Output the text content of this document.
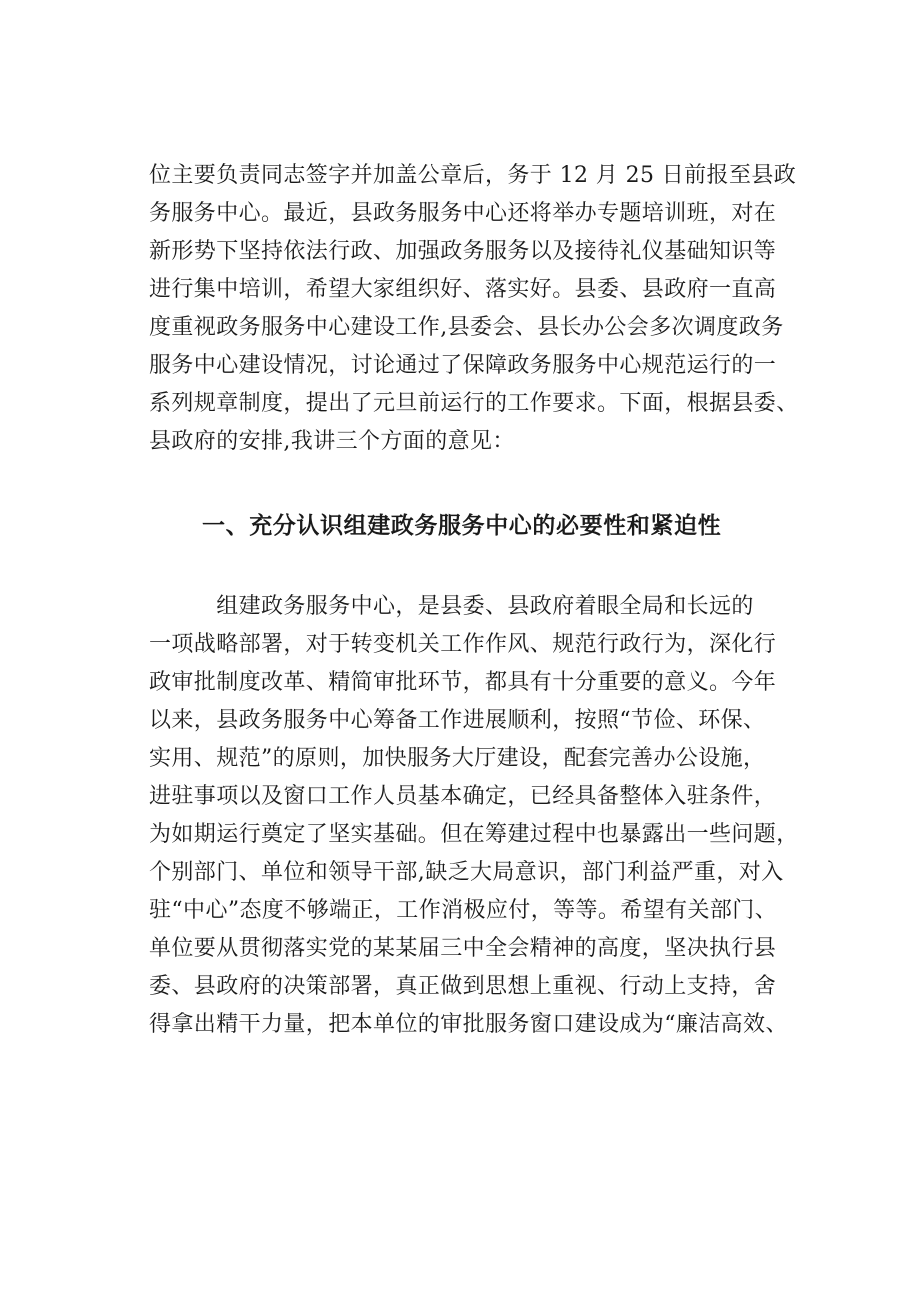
位主要负责同志签字并加盖公章后，务于 12 月 25 日前报至县政
务服务中心。最近，县政务服务中心还将举办专题培训班，对在
新形势下坚持依法行政、加强政务服务以及接待礼仪基础知识等
进行集中培训，希望大家组织好、落实好。县委、县政府一直高
度重视政务服务中心建设工作,县委会、县长办公会多次调度政务
服务中心建设情况，讨论通过了保障政务服务中心规范运行的一
系列规章制度，提出了元旦前运行的工作要求。下面，根据县委、
县政府的安排,我讲三个方面的意见：
一、充分认识组建政务服务中心的必要性和紧迫性
　　　组建政务服务中心，是县委、县政府着眼全局和长远的
一项战略部署，对于转变机关工作作风、规范行政行为，深化行
政审批制度改革、精简审批环节，都具有十分重要的意义。今年
以来，县政务服务中心筹备工作进展顺利，按照“节俭、环保、
实用、规范”的原则，加快服务大厅建设，配套完善办公设施，
进驻事项以及窗口工作人员基本确定，已经具备整体入驻条件，
为如期运行奠定了坚实基础。但在筹建过程中也暴露出一些问题，
个别部门、单位和领导干部,缺乏大局意识，部门利益严重，对入
驻“中心”态度不够端正，工作消极应付，等等。希望有关部门、
单位要从贯彻落实党的某某届三中全会精神的高度，坚决执行县
委、县政府的决策部署，真正做到思想上重视、行动上支持，舍
得拿出精干力量，把本单位的审批服务窗口建设成为“廉洁高效、
